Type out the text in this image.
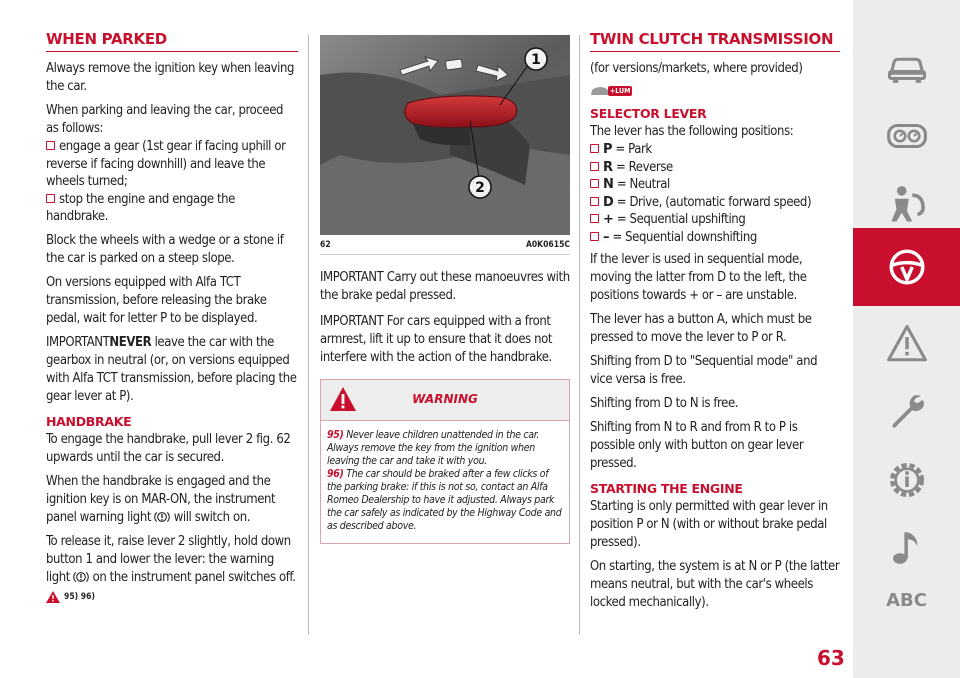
WHEN PARKED

Always remove the ignition key when leaving the car.

When parking and leaving the car, proceed as follows:

engage a gear (1st gear if facing uphill or reverse if facing downhill) and leave the wheels turned;
stop the engine and engage the handbrake.

Block the wheels with a wedge or a stone if the car is parked on a steep slope.

On versions equipped with Alfa TCT transmission, before releasing the brake pedal, wait for letter P to be displayed.

IMPORTANTNEVER leave the car with the gearbox in neutral (or, on versions equipped with Alfa TCT transmission, before placing the gear lever at P).

HANDBRAKE

To engage the handbrake, pull lever 2 fig. 62 upwards until the car is secured.

When the handbrake is engaged and the ignition key is on MAR-ON, the instrument panel warning light will switch on.

To release it, raise lever 2 slightly, hold down button 1 and lower the lever: the warning light on the instrument panel switches off.

95) 96)
1
2
62	A0K0615C

IMPORTANT Carry out these manoeuvres with the brake pedal pressed.

IMPORTANT For cars equipped with a front armrest, lift it up to ensure that it does not interfere with the action of the handbrake.

WARNING
95) Never leave children unattended in the car. Always remove the key from the ignition when leaving the car and take it with you.
96) The car should be braked after a few clicks of the parking brake: if this is not so, contact an Alfa Romeo Dealership to have it adjusted. Always park the car safely as indicated by the Highway Code and as described above.
TWIN CLUTCH TRANSMISSION

(for versions/markets, where provided)

+LUM
SELECTOR LEVER

The lever has the following positions:

P = Park
R = Reverse
N = Neutral
D = Drive, (automatic forward speed)
+ = Sequential upshifting
– = Sequential downshifting

If the lever is used in sequential mode, moving the latter from D to the left, the positions towards + or – are unstable.

The lever has a button A, which must be pressed to move the lever to P or R.

Shifting from D to "Sequential mode" and vice versa is free.

Shifting from D to N is free.

Shifting from N to R and from R to P is possible only with button on gear lever pressed.

STARTING THE ENGINE

Starting is only permitted with gear lever in position P or N (with or without brake pedal pressed).

On starting, the system is at N or P (the latter means neutral, but with the car's wheels locked mechanically).

63
ABC
